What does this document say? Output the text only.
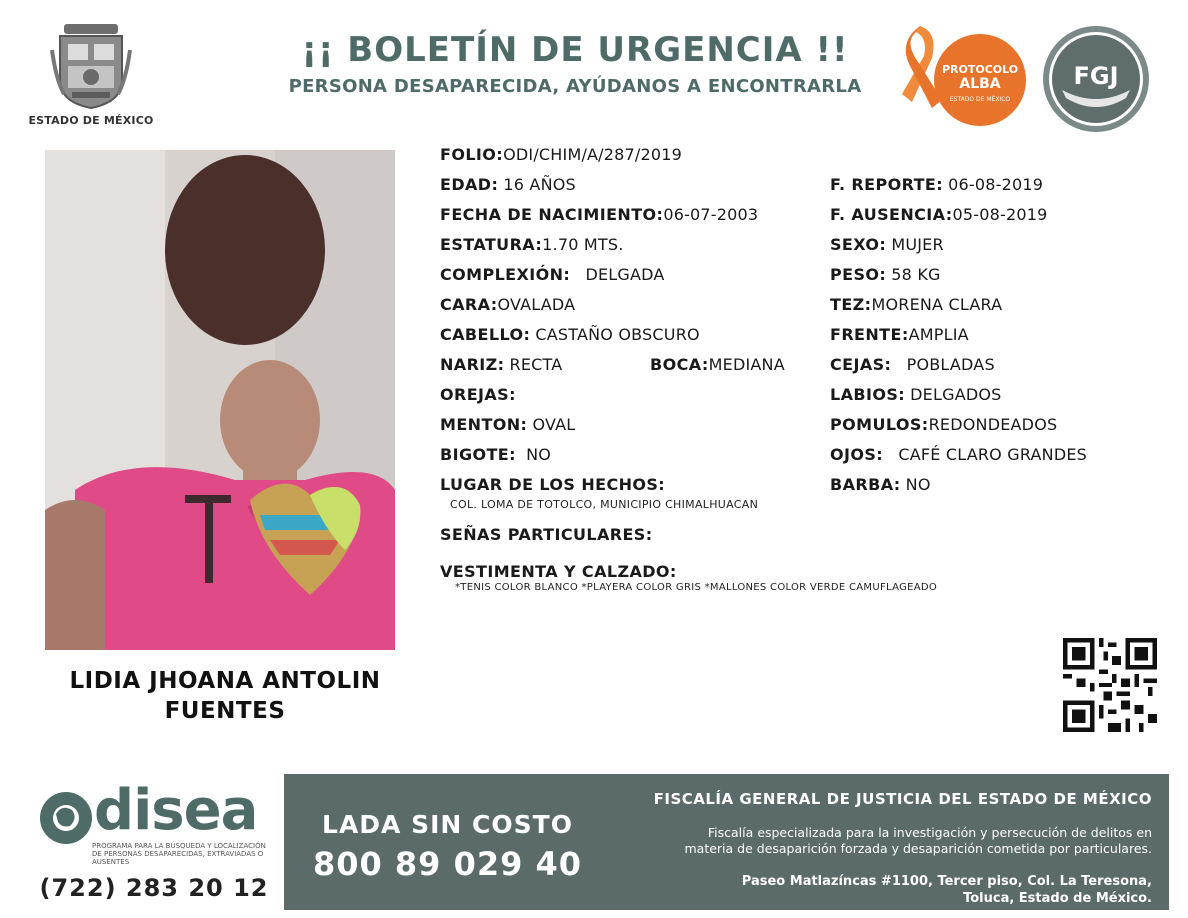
ESTADO DE MÉXICO
¡¡ BOLETÍN DE URGENCIA !!
PERSONA DESAPARECIDA, AYÚDANOS A ENCONTRARLA
PROTOCOLO
ALBA
ESTADO DE MÉXICO
FGJ
LIDIA JHOANA ANTOLIN
FUENTES
FOLIO:ODI/CHIM/A/287/2019
EDAD: 16 AÑOS	F. REPORTE: 06-08-2019
FECHA DE NACIMIENTO:06-07-2003	F. AUSENCIA:05-08-2019
ESTATURA:1.70 MTS.	SEXO: MUJER
COMPLEXIÓN: DELGADA	PESO: 58 KG
CARA:OVALADA	TEZ:MORENA CLARA
CABELLO: CASTAÑO OBSCURO	FRENTE:AMPLIA
NARIZ: RECTA	BOCA:MEDIANA	CEJAS: POBLADAS
OREJAS:	LABIOS: DELGADOS
MENTON: OVAL	POMULOS:REDONDEADOS
BIGOTE: NO	OJOS: CAFÉ CLARO GRANDES
LUGAR DE LOS HECHOS:
COL. LOMA DE TOTOLCO, MUNICIPIO CHIMALHUACAN
BARBA: NO
SEÑAS PARTICULARES:
VESTIMENTA Y CALZADO:
*TENIS COLOR BLANCO *PLAYERA COLOR GRIS *MALLONES COLOR VERDE CAMUFLAGEADO
disea
PROGRAMA PARA LA BÚSQUEDA Y LOCALIZACIÓN DE PERSONAS DESAPARECIDAS, EXTRAVIADAS O AUSENTES
(722) 283 20 12
LADA SIN COSTO
800 89 029 40
FISCALÍA GENERAL DE JUSTICIA DEL ESTADO DE MÉXICO
Fiscalía especializada para la investigación y persecución de delitos en
materia de desaparición forzada y desaparición cometida por particulares.
Paseo Matlazíncas #1100, Tercer piso, Col. La Teresona,
Toluca, Estado de México.
